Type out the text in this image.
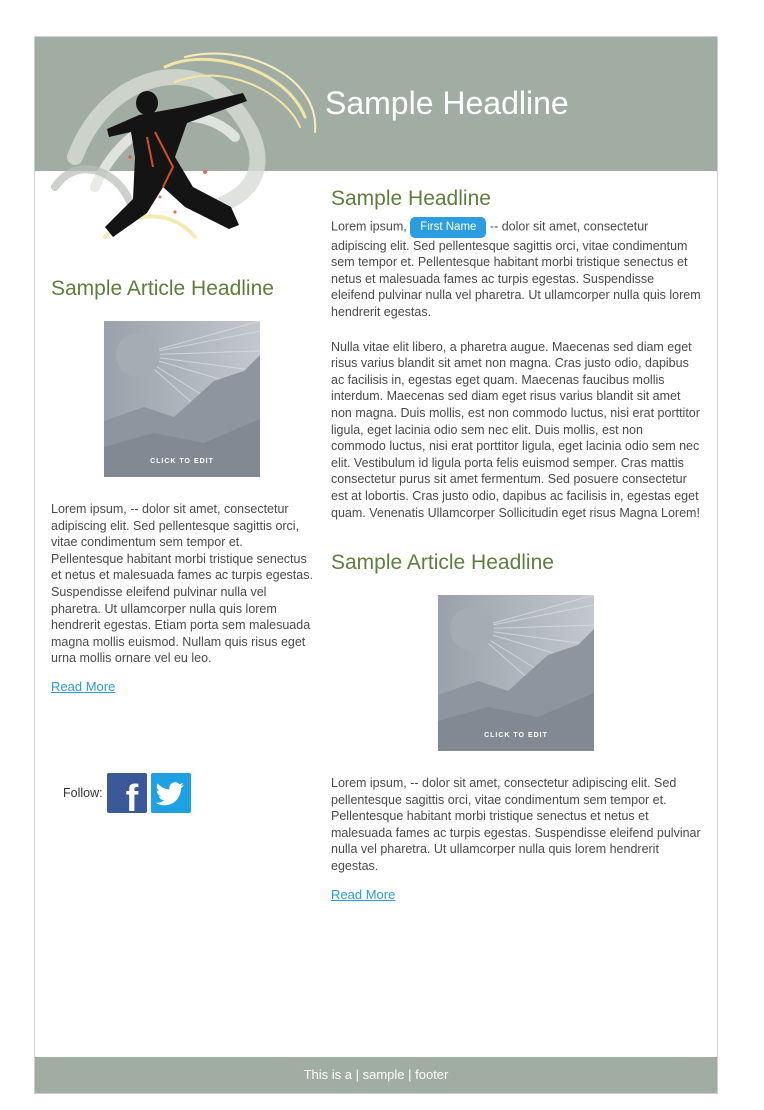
Sample Headline
Sample Article Headline
CLICK TO EDIT

Lorem ipsum, -- dolor sit amet, consectetur adipiscing elit. Sed pellentesque sagittis orci, vitae condimentum sem tempor et. Pellentesque habitant morbi tristique senectus et netus et malesuada fames ac turpis egestas. Suspendisse eleifend pulvinar nulla vel pharetra. Ut ullamcorper nulla quis lorem hendrerit egestas. Etiam porta sem malesuada magna mollis euismod. Nullam quis risus eget urna mollis ornare vel eu leo.

Read More
Follow: f
Sample Headline

Lorem ipsum, First Name -- dolor sit amet, consectetur adipiscing elit. Sed pellentesque sagittis orci, vitae condimentum sem tempor et. Pellentesque habitant morbi tristique senectus et netus et malesuada fames ac turpis egestas. Suspendisse eleifend pulvinar nulla vel pharetra. Ut ullamcorper nulla quis lorem hendrerit egestas.

Nulla vitae elit libero, a pharetra augue. Maecenas sed diam eget risus varius blandit sit amet non magna. Cras justo odio, dapibus ac facilisis in, egestas eget quam. Maecenas faucibus mollis interdum. Maecenas sed diam eget risus varius blandit sit amet non magna. Duis mollis, est non commodo luctus, nisi erat porttitor ligula, eget lacinia odio sem nec elit. Duis mollis, est non commodo luctus, nisi erat porttitor ligula, eget lacinia odio sem nec elit. Vestibulum id ligula porta felis euismod semper. Cras mattis consectetur purus sit amet fermentum. Sed posuere consectetur est at lobortis. Cras justo odio, dapibus ac facilisis in, egestas eget quam. Venenatis Ullamcorper Sollicitudin eget risus Magna Lorem!

Sample Article Headline
CLICK TO EDIT

Lorem ipsum, -- dolor sit amet, consectetur adipiscing elit. Sed pellentesque sagittis orci, vitae condimentum sem tempor et. Pellentesque habitant morbi tristique senectus et netus et malesuada fames ac turpis egestas. Suspendisse eleifend pulvinar nulla vel pharetra. Ut ullamcorper nulla quis lorem hendrerit egestas.

Read More
This is a | sample | footer
